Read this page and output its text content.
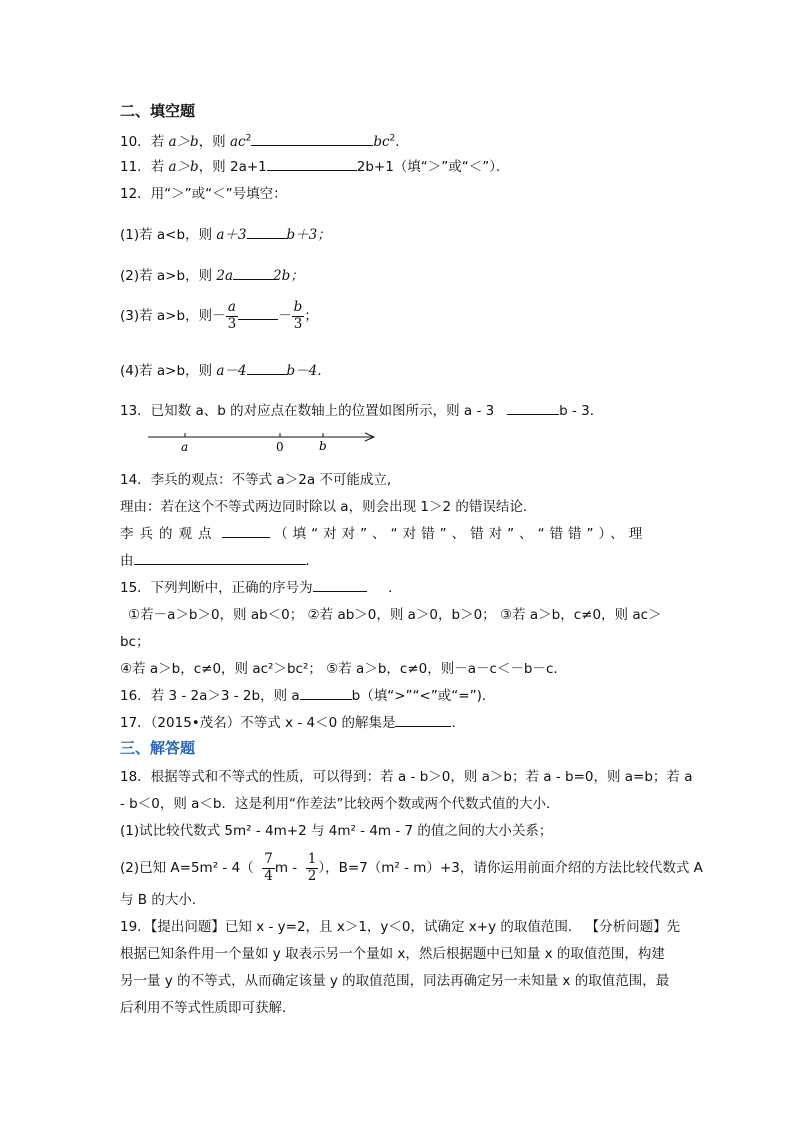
二、填空题
10．若 a＞b，则 $ac^2$	$bc^2$．
11．若 a＞b，则 2a+1	2b+1（填“＞”或“＜”）．
12．用“＞”或“＜”号填空：
(1)若 a<b，则 a＋3	b＋3；
(2)若 a>b，则 2a	2b；
(3)若 a>b，则－ $\frac{a}{3}$	－ $\frac{b}{3}$ ；
(4)若 a>b，则 a－4	b－4.
13．已知数 a、b 的对应点在数轴上的位置如图所示，则 a - 3	b - 3．
a	0	b
14．李兵的观点：不等式 a＞2a 不可能成立,
理由：若在这个不等式两边同时除以 a，则会出现 1＞2 的错误结论．
李兵的观点	（填“对对”、“对错”、错对”、“错错”）、理
由	．
15．下列判断中，正确的序号为	．
①若－a＞b＞0，则 ab＜0； ②若 ab＞0，则 a＞0，b＞0； ③若 a＞b，c≠0，则 ac＞
bc；
④若 a＞b，c≠0，则 ac²＞bc²； ⑤若 a＞b，c≠0，则－a－c＜－b－c．
16．若 3 - 2a＞3 - 2b，则 a	b（填“>”“<”或“=”)．
17．（2015•茂名）不等式 x - 4＜0 的解集是	．
三、解答题
18．根据等式和不等式的性质，可以得到：若 a - b＞0，则 a＞b；若 a - b=0，则 a=b；若 a
- b＜0，则 a＜b．这是利用“作差法”比较两个数或两个代数式值的大小．
(1)试比较代数式 5m² - 4m+2 与 4m² - 4m - 7 的值之间的大小关系；
(2)已知 $A=5m^2 - 4( \frac{7}{4}$ m - $\frac{1}{2}$ ），B=7（m² - m）+3，请你运用前面介绍的方法比较代数式 A
与 B 的大小．
19．【提出问题】已知 x - y=2，且 x＞1，y＜0，试确定 x+y 的取值范围． 【分析问题】先
根据已知条件用一个量如 y 取表示另一个量如 x，然后根据题中已知量 x 的取值范围，构建
另一量 y 的不等式，从而确定该量 y 的取值范围，同法再确定另一未知量 x 的取值范围，最
后利用不等式性质即可获解．
